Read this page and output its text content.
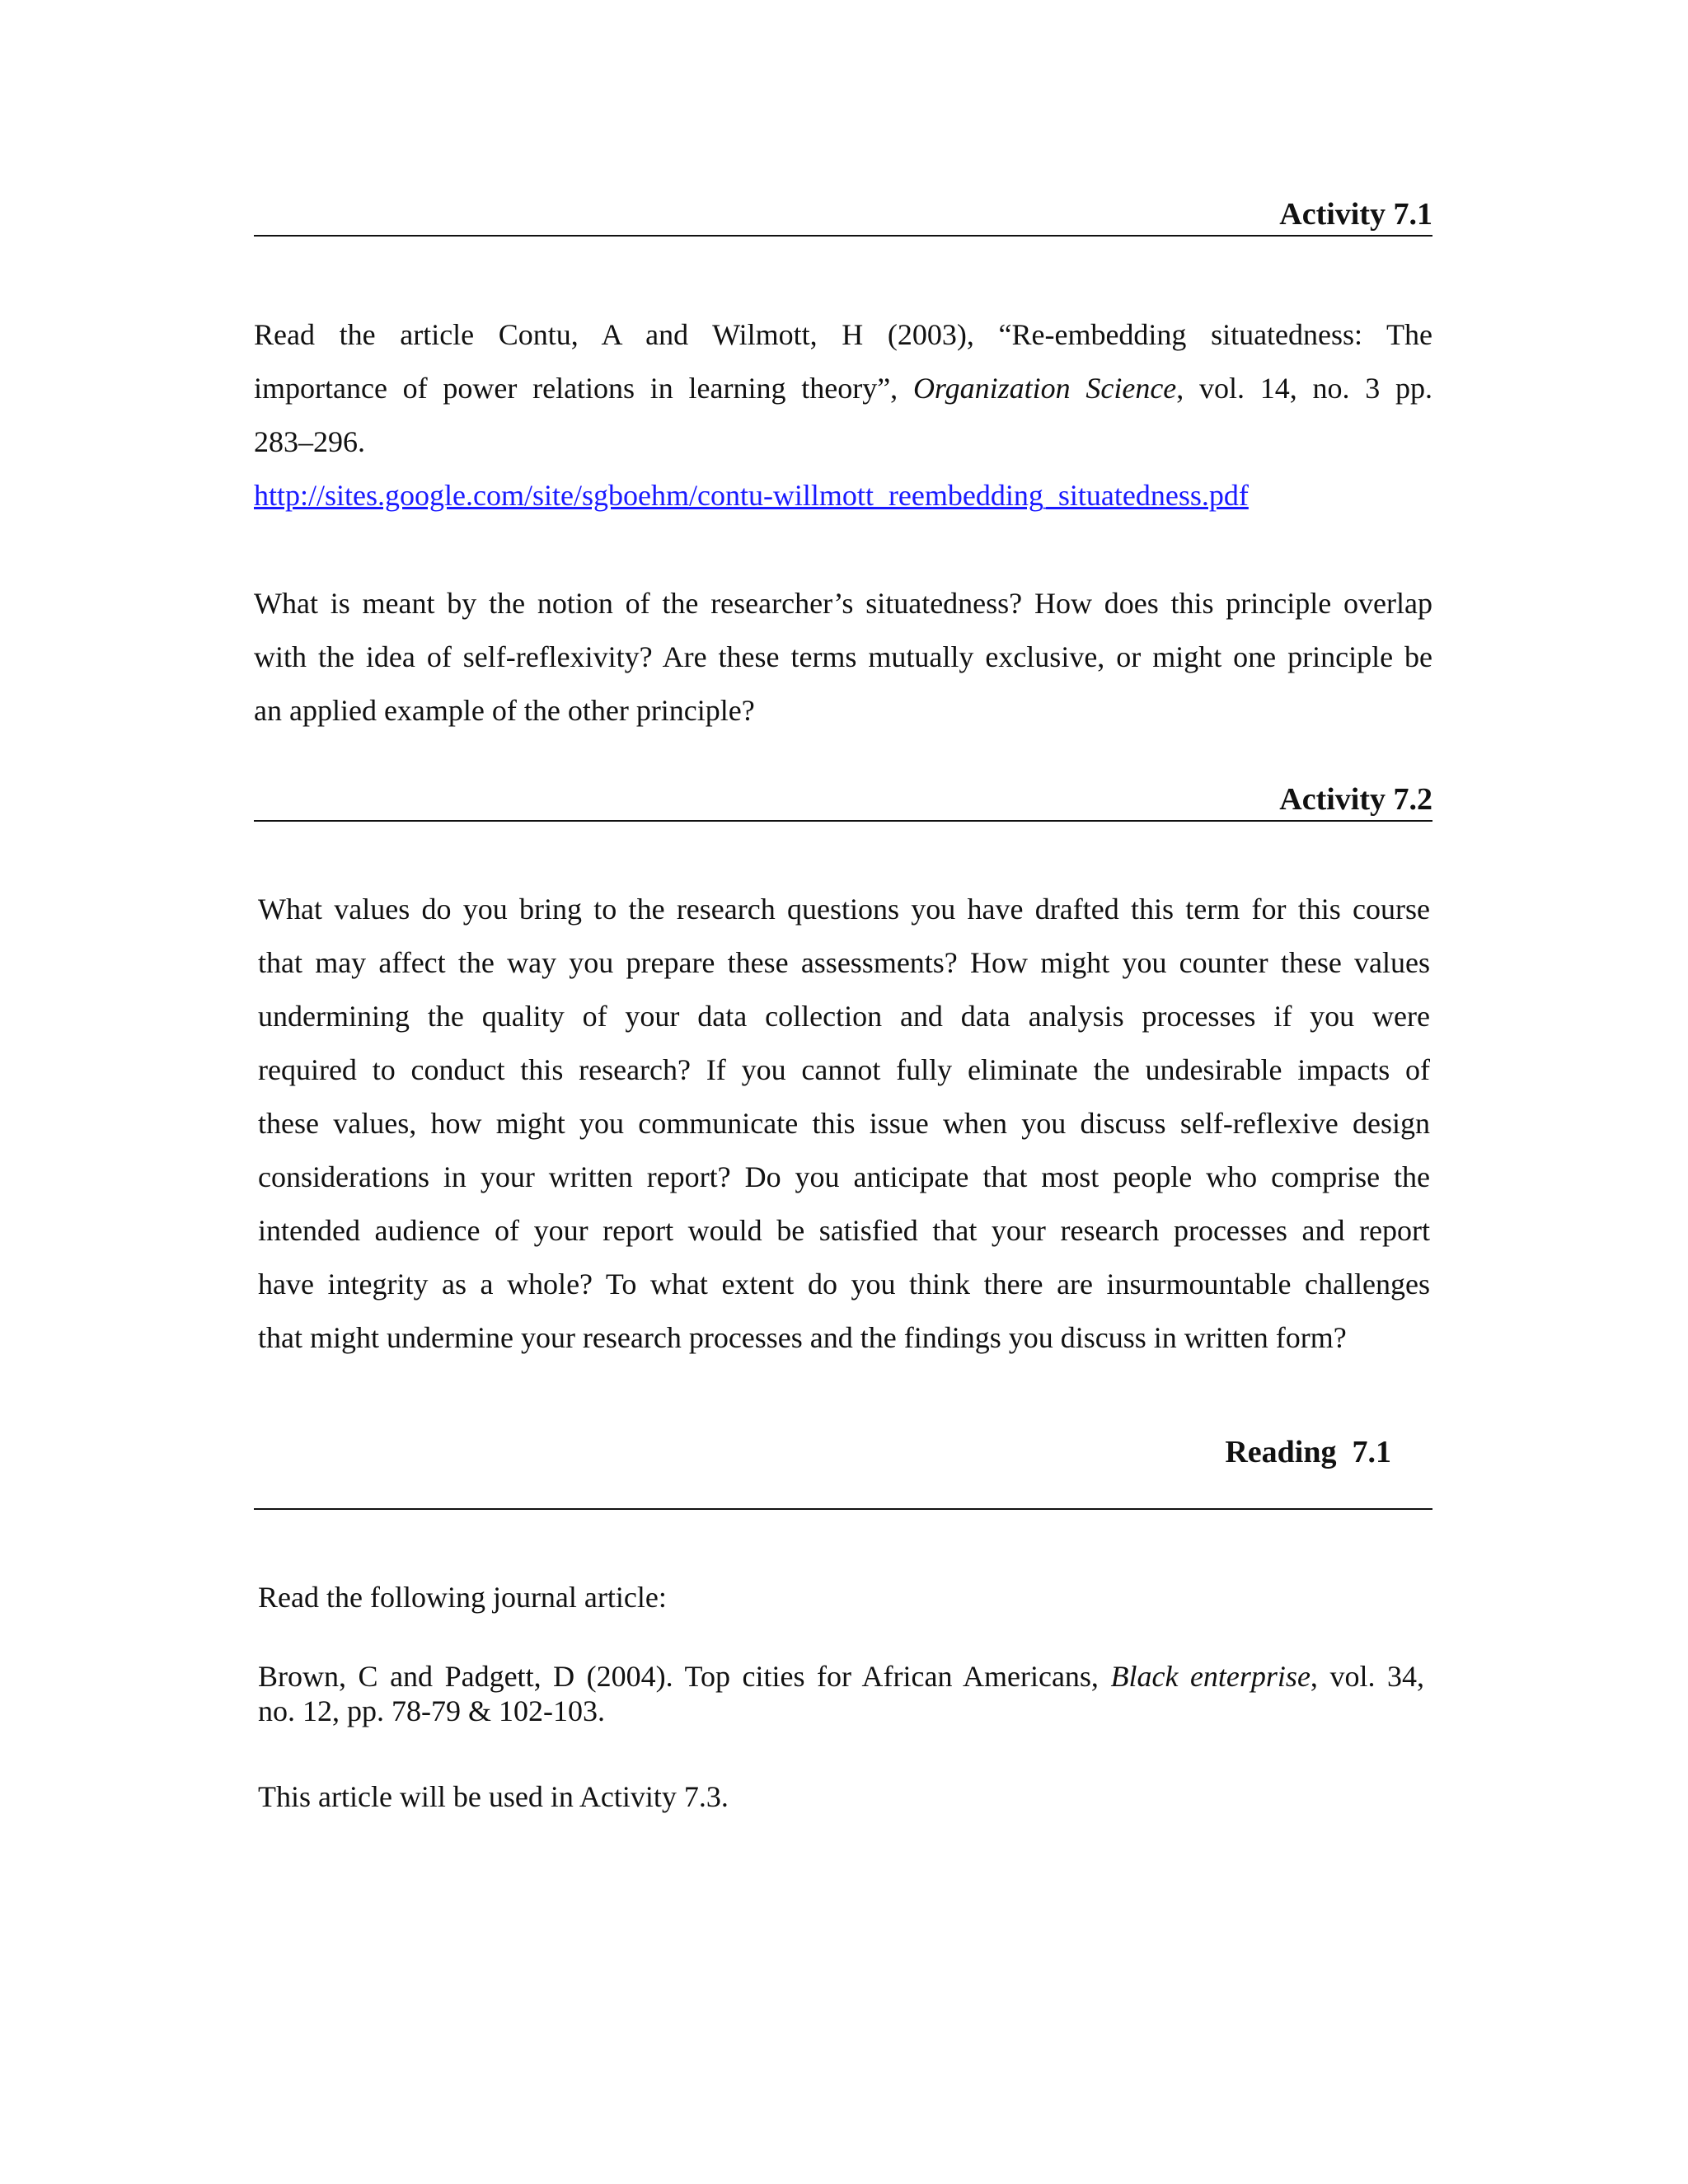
Activity 7.1
Read the article Contu, A and Wilmott, H (2003), “Re-embedding situatedness: The
importance of power relations in learning theory”, Organization Science, vol. 14, no. 3 pp.
283–296.
http://sites.google.com/site/sgboehm/contu-willmott_reembedding_situatedness.pdf
What is meant by the notion of the researcher’s situatedness? How does this principle overlap
with the idea of self-reflexivity? Are these terms mutually exclusive, or might one principle be
an applied example of the other principle?
Activity 7.2
What values do you bring to the research questions you have drafted this term for this course
that may affect the way you prepare these assessments? How might you counter these values
undermining the quality of your data collection and data analysis processes if you were
required to conduct this research? If you cannot fully eliminate the undesirable impacts of
these values, how might you communicate this issue when you discuss self-reflexive design
considerations in your written report? Do you anticipate that most people who comprise the
intended audience of your report would be satisfied that your research processes and report
have integrity as a whole? To what extent do you think there are insurmountable challenges
that might undermine your research processes and the findings you discuss in written form?
Reading  7.1
Read the following journal article:
Brown, C and Padgett, D (2004). Top cities for African Americans, Black enterprise, vol. 34,
no. 12, pp. 78-79 & 102-103.
This article will be used in Activity 7.3.
